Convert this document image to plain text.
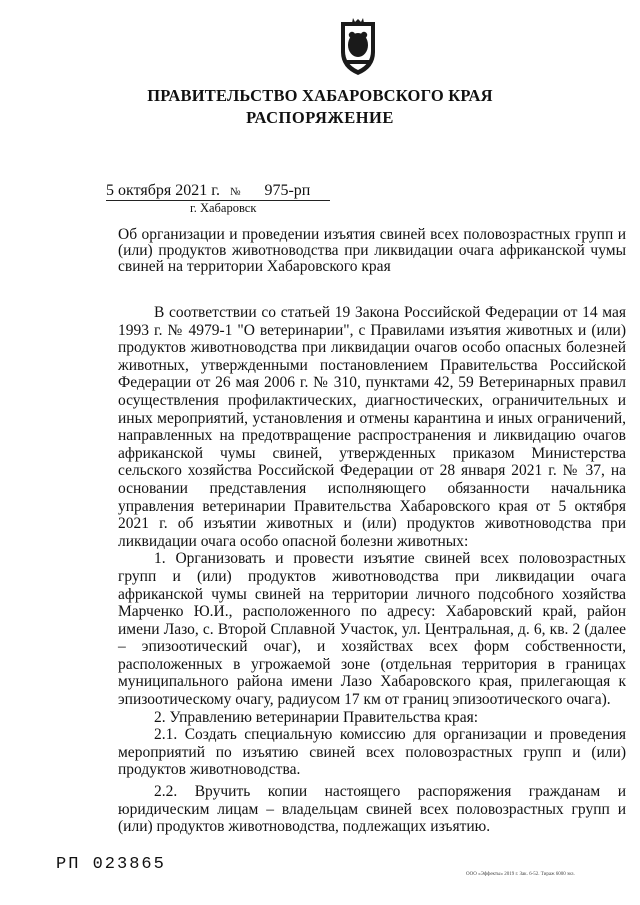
ПРАВИТЕЛЬСТВО ХАБАРОВСКОГО КРАЯ
РАСПОРЯЖЕНИЕ
5 октября 2021 г. № 975-рп
г. Хабаровск
Об организации и проведении изъятия свиней всех половозрастных групп и (или) продуктов животноводства при ликвидации очага африканской чумы свиней на территории Хабаровского края

В соответствии со статьей 19 Закона Российской Федерации от 14 мая 1993 г. № 4979-1 "О ветеринарии", с Правилами изъятия животных и (или) продуктов животноводства при ликвидации очагов особо опасных болезней животных, утвержденными постановлением Правительства Российской Федерации от 26 мая 2006 г. № 310, пунктами 42, 59 Ветеринарных правил осуществления профилактических, диагностических, ограничительных и иных мероприятий, установления и отмены карантина и иных ограничений, направленных на предотвращение распространения и ликвидацию очагов африканской чумы свиней, утвержденных приказом Министерства сельского хозяйства Российской Федерации от 28 января 2021 г. № 37, на основании представления исполняющего обязанности начальника управления ветеринарии Правительства Хабаровского края от 5 октября 2021 г. об изъятии животных и (или) продуктов животноводства при ликвидации очага особо опасной болезни животных:

1. Организовать и провести изъятие свиней всех половозрастных групп и (или) продуктов животноводства при ликвидации очага африканской чумы свиней на территории личного подсобного хозяйства Марченко Ю.И., расположенного по адресу: Хабаровский край, район имени Лазо, с. Второй Сплавной Участок, ул. Центральная, д. 6, кв. 2 (далее – эпизоотический очаг), и хозяйствах всех форм собственности, расположенных в угрожаемой зоне (отдельная территория в границах муниципального района имени Лазо Хабаровского края, прилегающая к эпизоотическому очагу, радиусом 17 км от границ эпизоотического очага).

2. Управлению ветеринарии Правительства края:

2.1. Создать специальную комиссию для организации и проведения мероприятий по изъятию свиней всех половозрастных групп и (или) продуктов животноводства.

2.2. Вручить копии настоящего распоряжения гражданам и юридическим лицам – владельцам свиней всех половозрастных групп и (или) продуктов животноводства, подлежащих изъятию.

РП 023865
ООО «Эффекты» 2019 г. Зак. 6-52. Тираж 6000 экз.
